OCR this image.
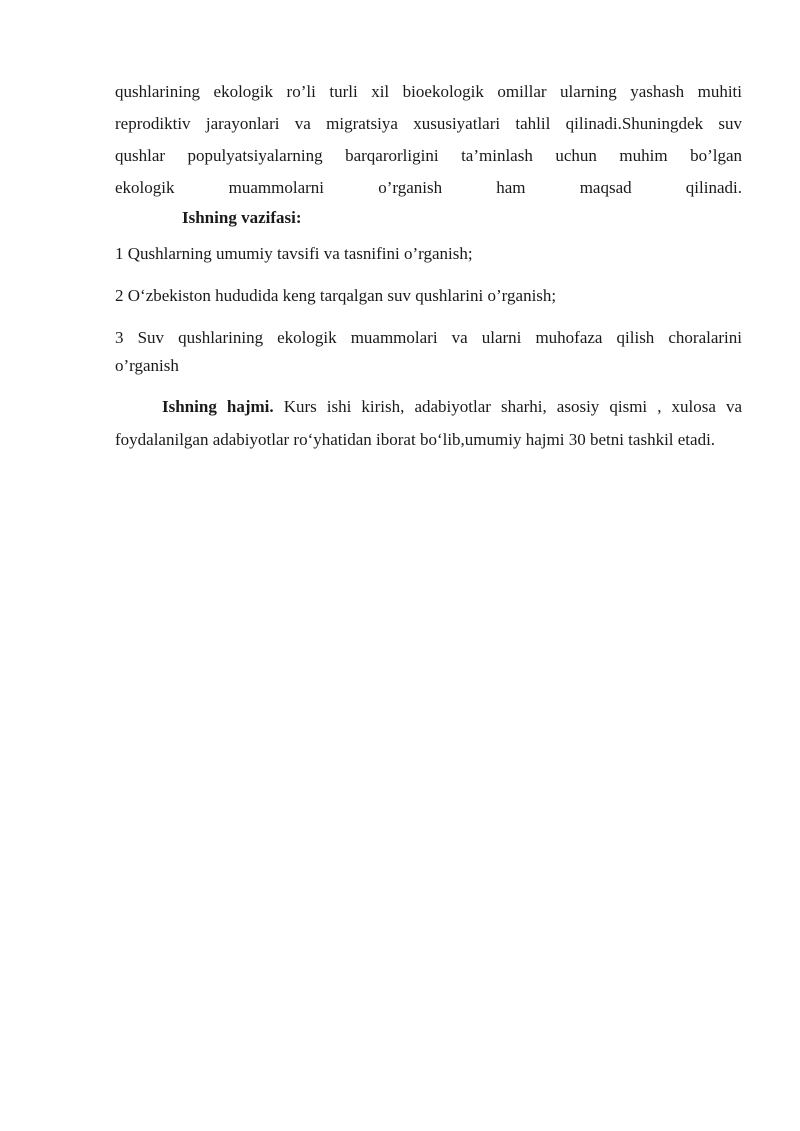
qushlarining ekologik ro’li turli xil bioekologik omillar ularning yashash muhiti
reprodiktiv jarayonlari va migratsiya xususiyatlari tahlil qilinadi.Shuningdek suv
qushlar populyatsiyalarning barqarorligini ta’minlash uchun muhim bo’lgan
ekologik muammolarni o’rganish ham maqsad qilinadi.

Ishning vazifasi:

1 Qushlarning umumiy tavsifi va tasnifini o’rganish;

2 O‘zbekiston hududida keng tarqalgan suv qushlarini o’rganish;

3 Suv qushlarining ekologik muammolari va ularni muhofaza qilish choralarini
o’rganish

Ishning hajmi. Kurs ishi kirish, adabiyotlar sharhi, asosiy qismi , xulosa va foydalanilgan adabiyotlar ro‘yhatidan iborat bo‘lib,umumiy hajmi 30 betni tashkil etadi.
